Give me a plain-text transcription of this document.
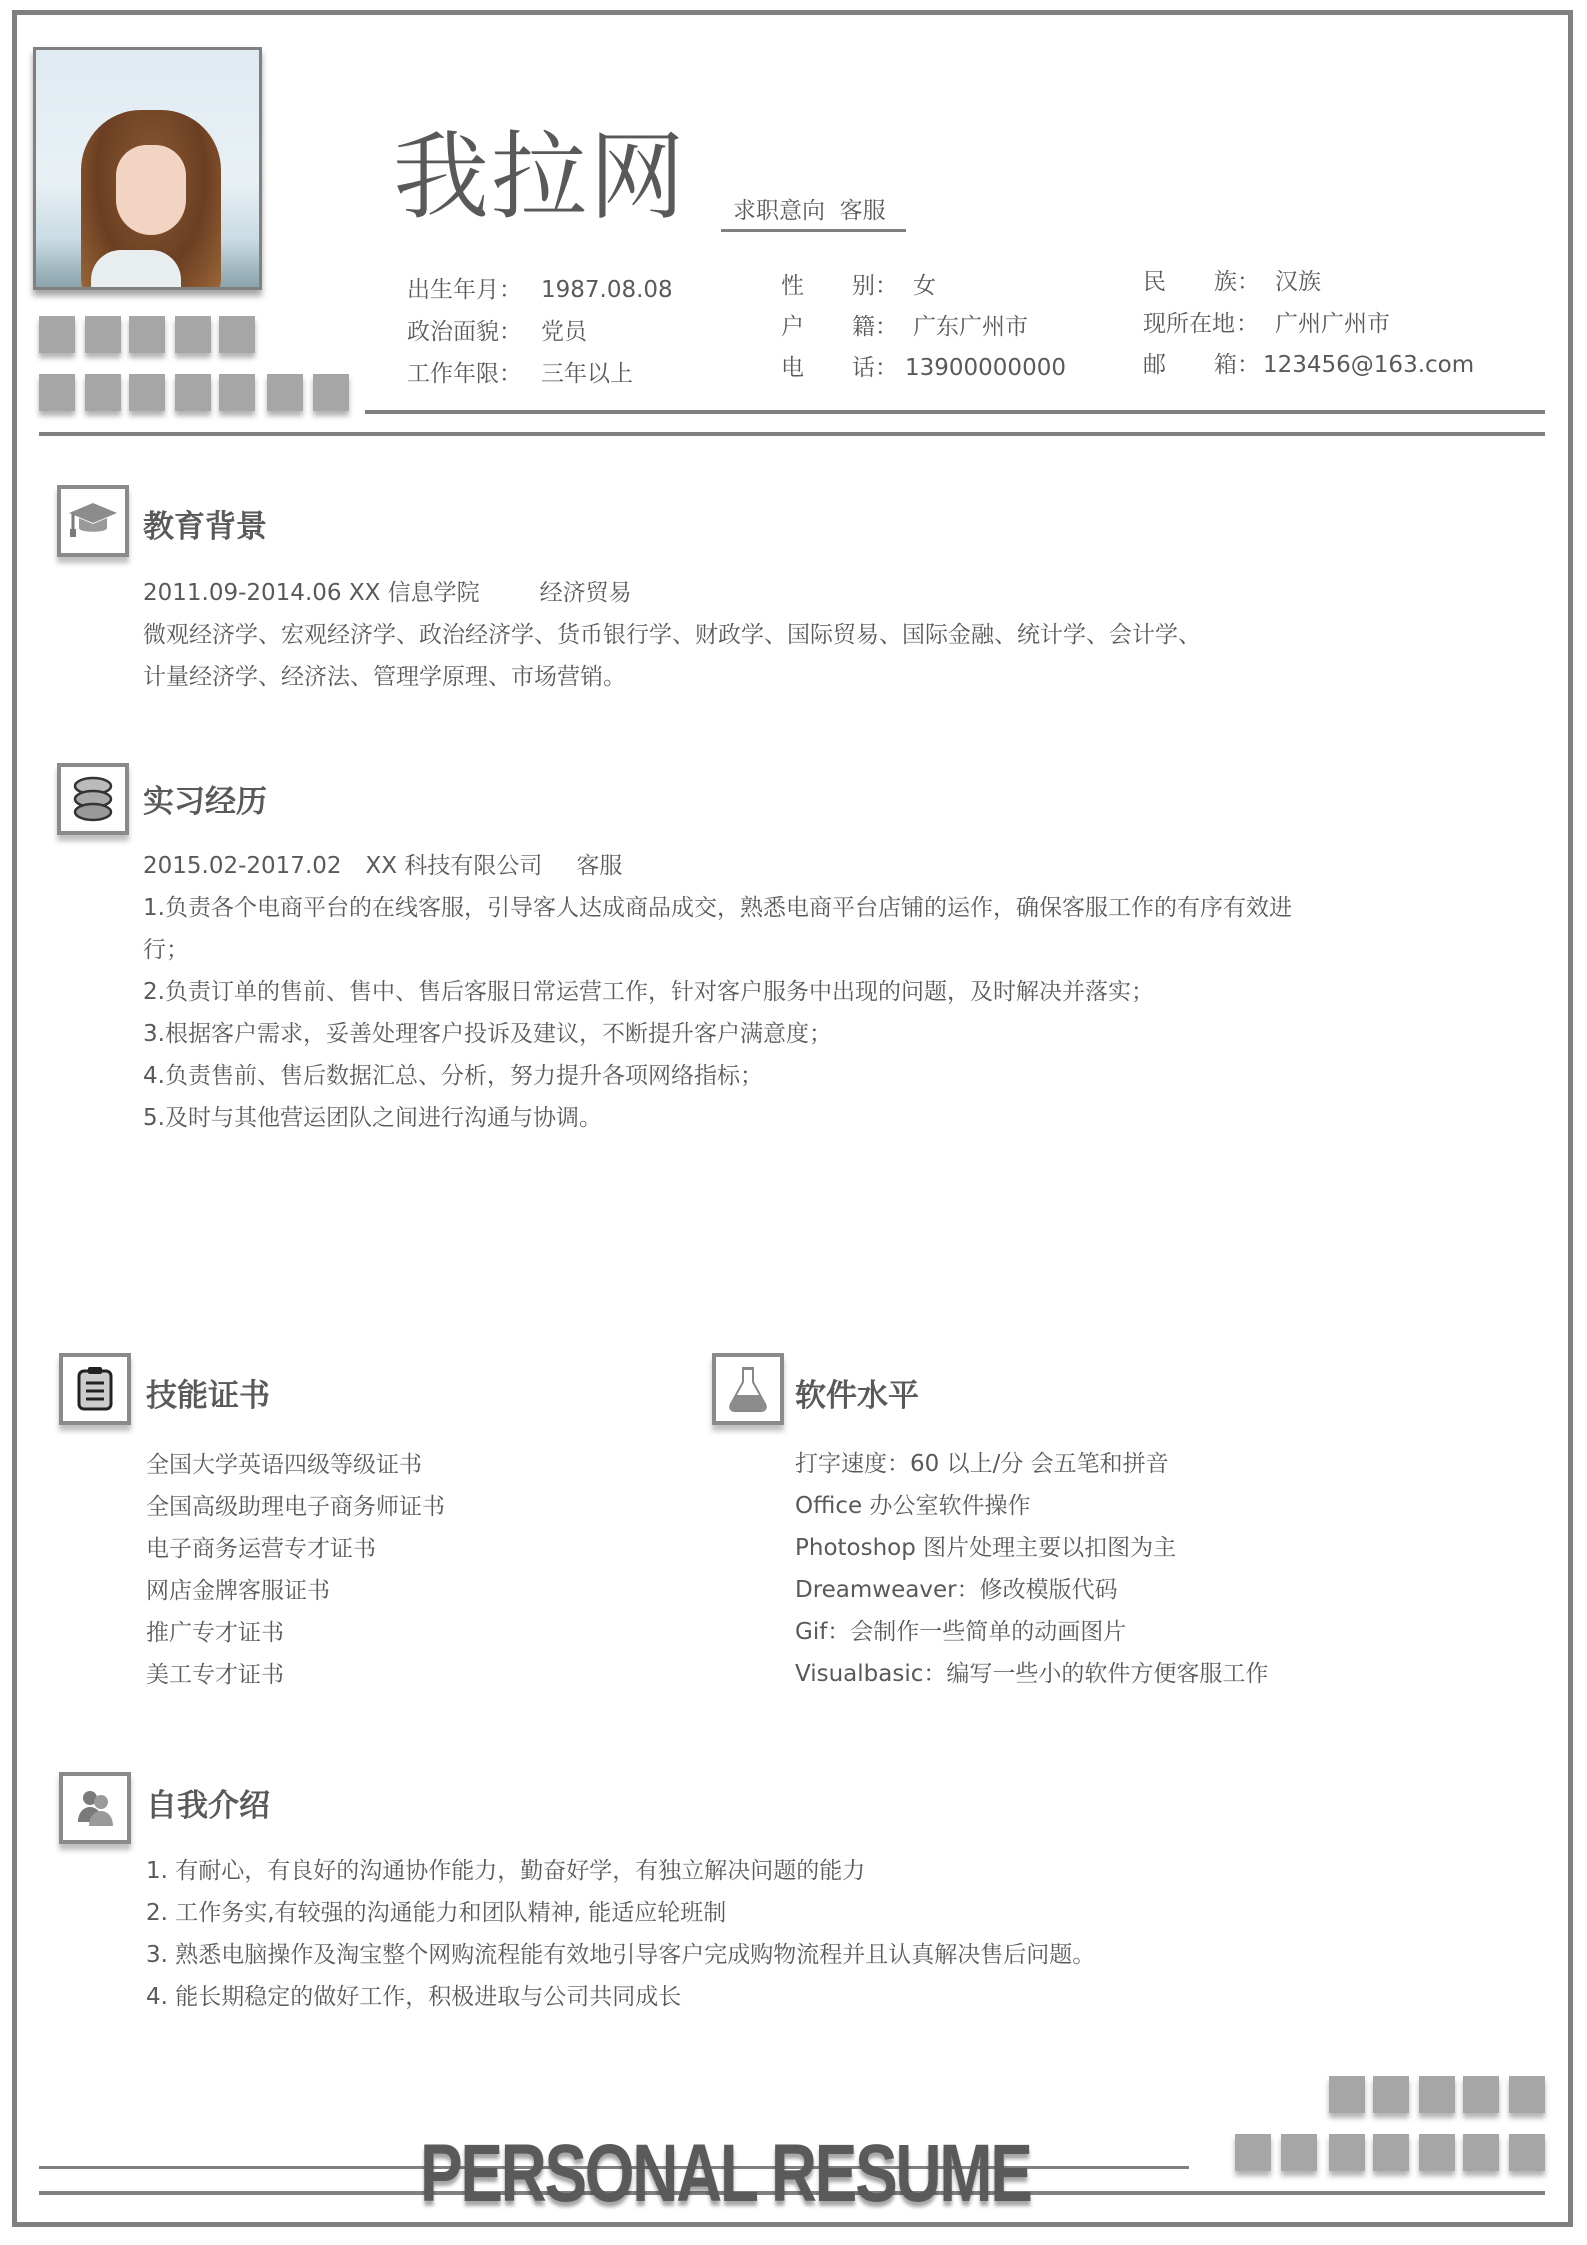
我拉网 求职意向  客服
出生年月： 1987.08.08
政治面貌： 党员
工作年限： 三年以上
性 别： 女
户 籍： 广东广州市
电 话： 13900000000
民 族： 汉族
现所在地 ： 广州广州市
邮 箱： 123456@163.com
教育背景
2011.09-2014.06 XX 信息学院	经济贸易
微观经济学、宏观经济学、政治经济学、货币银行学、财政学、国际贸易、国际金融、统计学、会计学、
计量经济学、经济法、管理学原理、市场营销。
实习经历
2015.02-2017.02 XX 科技有限公司 客服
1.负责各个电商平台的在线客服，引导客人达成商品成交，熟悉电商平台店铺的运作，确保客服工作的有序有效进
行；
2.负责订单的售前、售中、售后客服日常运营工作，针对客户服务中出现的问题，及时解决并落实；
3.根据客户需求，妥善处理客户投诉及建议，不断提升客户满意度；
4.负责售前、售后数据汇总、分析，努力提升各项网络指标；
5.及时与其他营运团队之间进行沟通与协调。
技能证书
全国大学英语四级等级证书
全国高级助理电子商务师证书
电子商务运营专才证书
网店金牌客服证书
推广专才证书
美工专才证书
软件水平
打字速度：60 以上/分 会五笔和拼音
Office 办公室软件操作
Photoshop 图片处理主要以扣图为主
Dreamweaver：修改模版代码
Gif：会制作一些简单的动画图片
Visualbasic：编写一些小的软件方便客服工作
自我介绍
1. 有耐心，有良好的沟通协作能力，勤奋好学，有独立解决问题的能力
2. 工作务实,有较强的沟通能力和团队精神, 能适应轮班制
3. 熟悉电脑操作及淘宝整个网购流程能有效地引导客户完成购物流程并且认真解决售后问题。
4. 能长期稳定的做好工作，积极进取与公司共同成长
PERSONAL RESUME
